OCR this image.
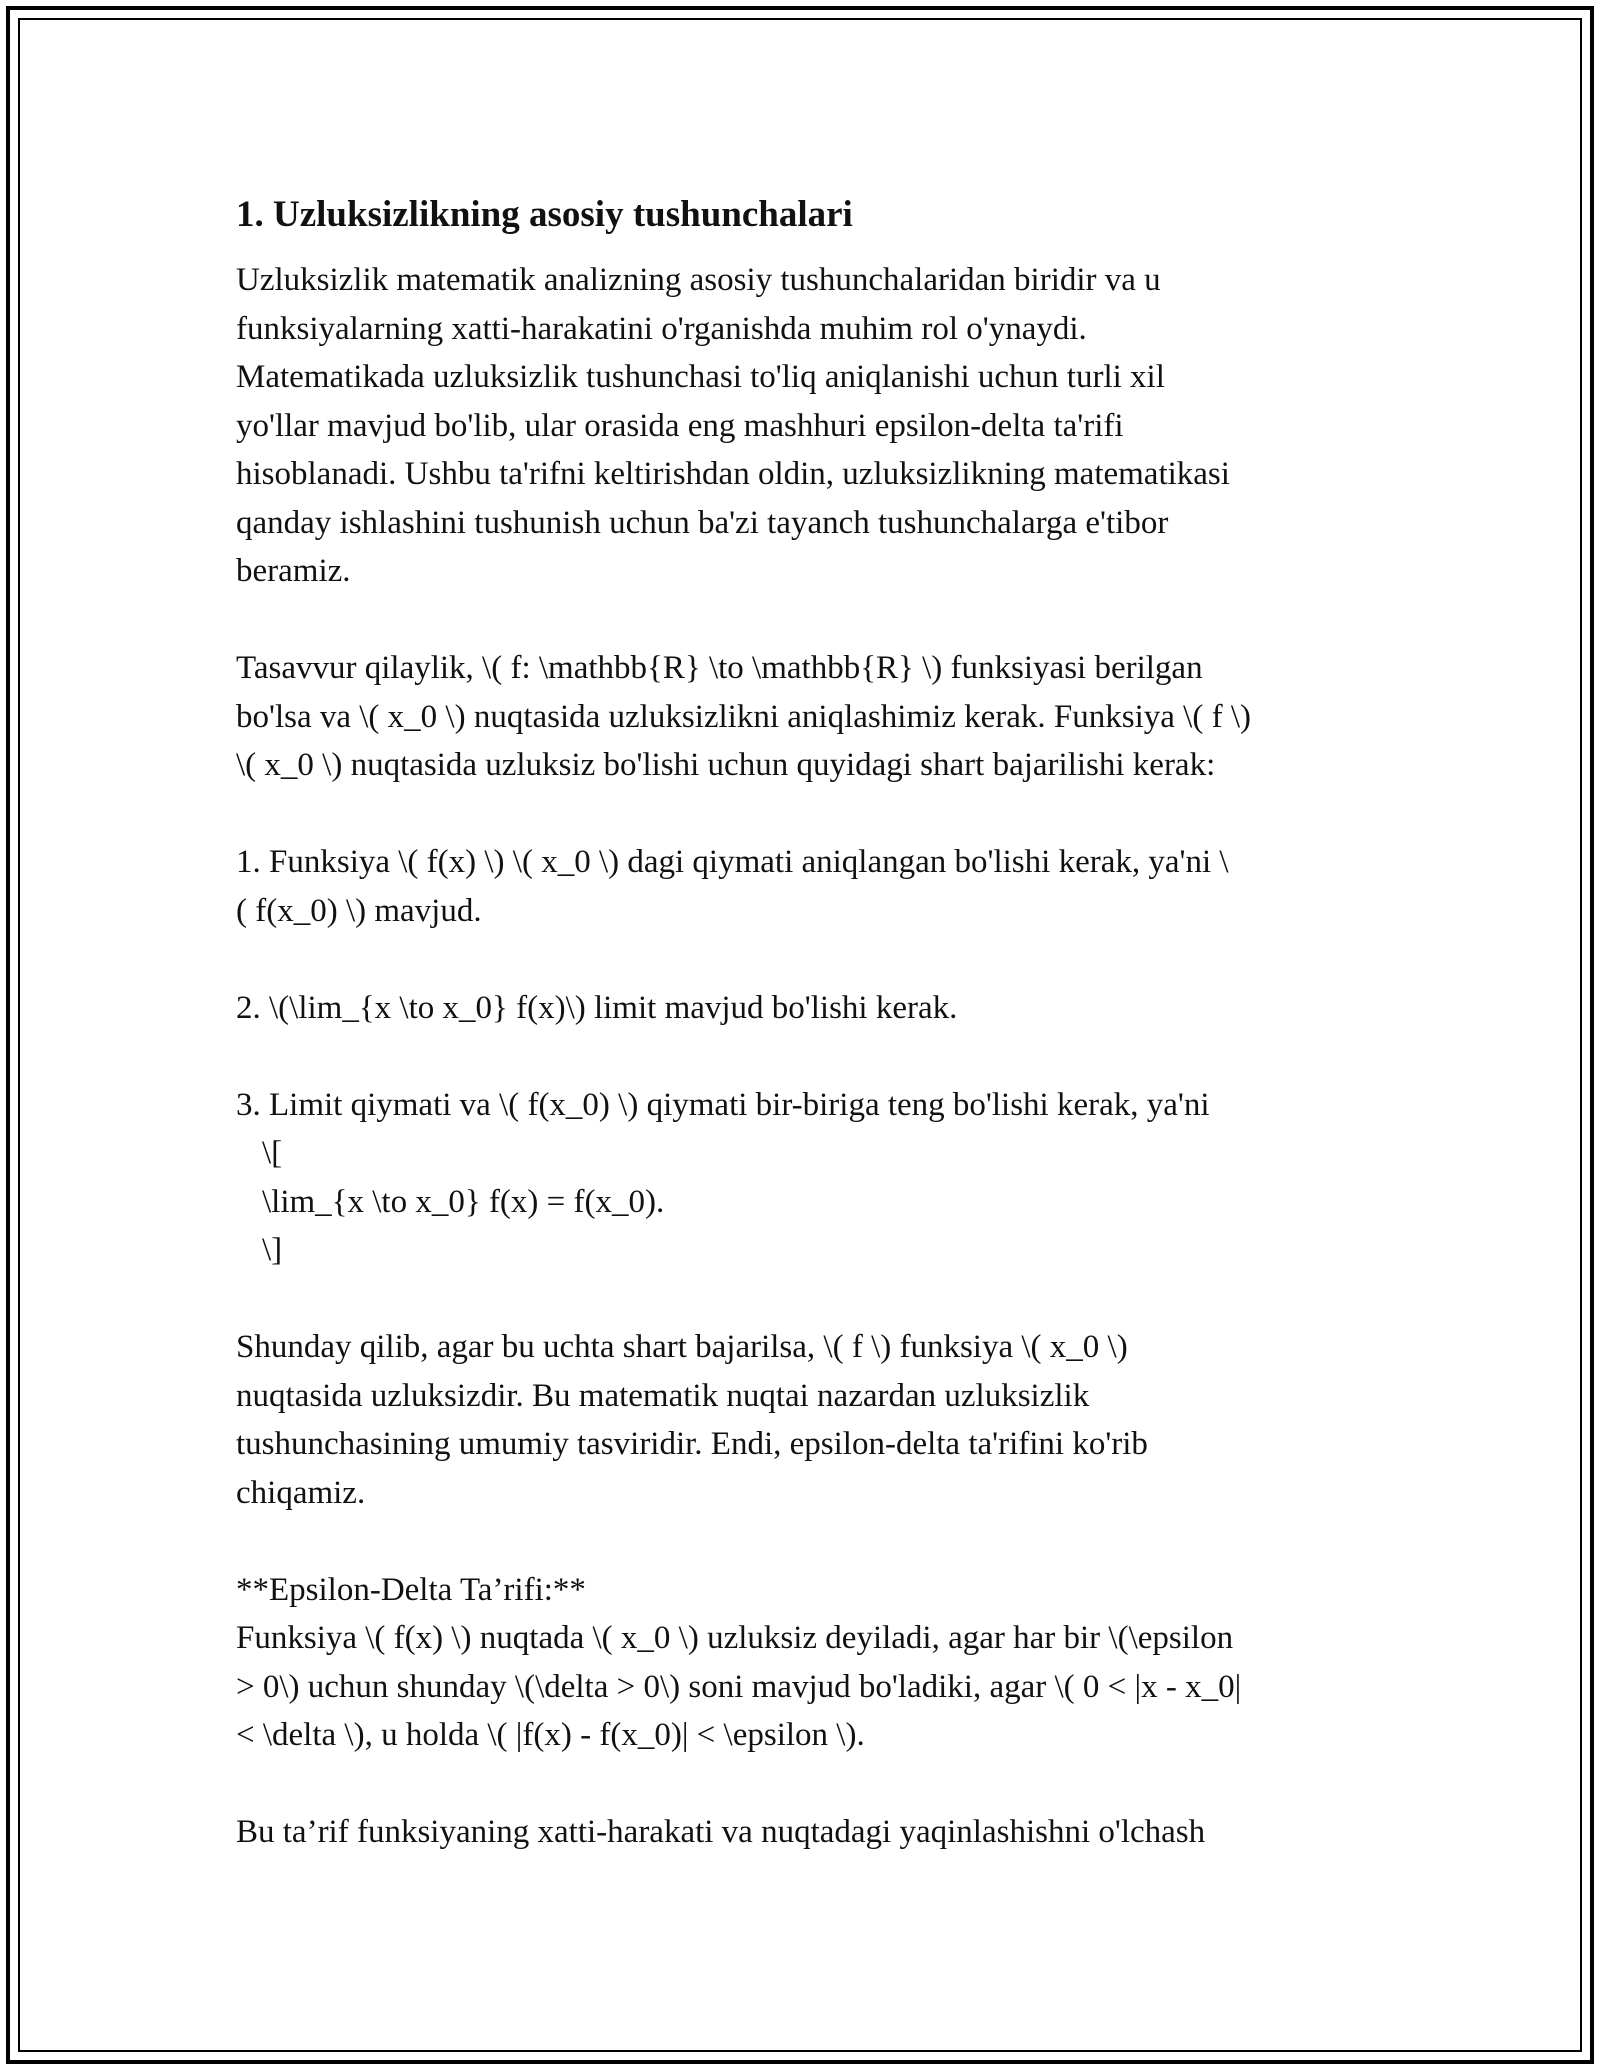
1. Uzluksizlikning asosiy tushunchalari
Uzluksizlik matematik analizning asosiy tushunchalaridan biridir va u
funksiyalarning xatti-harakatini o'rganishda muhim rol o'ynaydi.
Matematikada uzluksizlik tushunchasi to'liq aniqlanishi uchun turli xil
yo'llar mavjud bo'lib, ular orasida eng mashhuri epsilon-delta ta'rifi
hisoblanadi. Ushbu ta'rifni keltirishdan oldin, uzluksizlikning matematikasi
qanday ishlashini tushunish uchun ba'zi tayanch tushunchalarga e'tibor
beramiz.
Tasavvur qilaylik, \( f: \mathbb{R} \to \mathbb{R} \) funksiyasi berilgan
bo'lsa va \( x_0 \) nuqtasida uzluksizlikni aniqlashimiz kerak. Funksiya \( f \)
\( x_0 \) nuqtasida uzluksiz bo'lishi uchun quyidagi shart bajarilishi kerak:
1. Funksiya \( f(x) \) \( x_0 \) dagi qiymati aniqlangan bo'lishi kerak, ya'ni \
( f(x_0) \) mavjud.
2. \(\lim_{x \to x_0} f(x)\) limit mavjud bo'lishi kerak.
3. Limit qiymati va \( f(x_0) \) qiymati bir-biriga teng bo'lishi kerak, ya'ni
\[
\lim_{x \to x_0} f(x) = f(x_0).
\]
Shunday qilib, agar bu uchta shart bajarilsa, \( f \) funksiya \( x_0 \)
nuqtasida uzluksizdir. Bu matematik nuqtai nazardan uzluksizlik
tushunchasining umumiy tasviridir. Endi, epsilon-delta ta'rifini ko'rib
chiqamiz.
**Epsilon-Delta Ta’rifi:**
Funksiya \( f(x) \) nuqtada \( x_0 \) uzluksiz deyiladi, agar har bir \(\epsilon
> 0\) uchun shunday \(\delta > 0\) soni mavjud bo'ladiki, agar \( 0 < |x - x_0|
< \delta \), u holda \( |f(x) - f(x_0)| < \epsilon \).
Bu ta’rif funksiyaning xatti-harakati va nuqtadagi yaqinlashishni o'lchash
